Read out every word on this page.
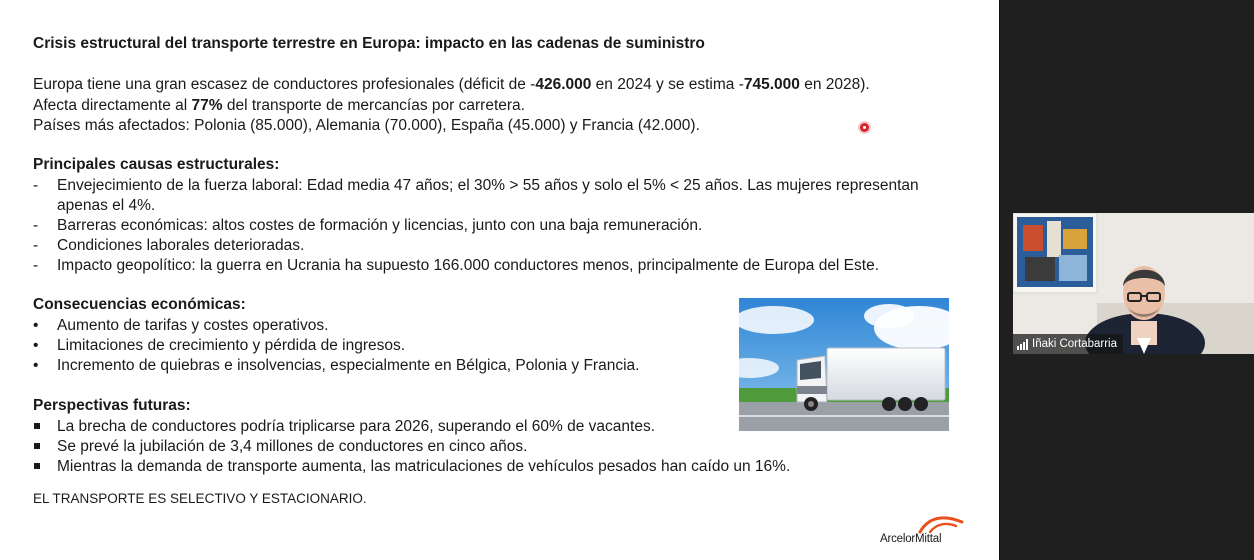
Crisis estructural del transporte terrestre en Europa: impacto en las cadenas de suministro

Europa tiene una gran escasez de conductores profesionales (déficit de -426.000 en 2024 y se estima -745.000 en 2028).

Afecta directamente al 77% del transporte de mercancías por carretera.

Países más afectados: Polonia (85.000), Alemania (70.000), España (45.000) y Francia (42.000).

Principales causas estructurales:
-	Envejecimiento de la fuerza laboral: Edad media 47 años; el 30% > 55 años y solo el 5% < 25 años. Las mujeres representan apenas el 4%.
-	Barreras económicas: altos costes de formación y licencias, junto con una baja remuneración.
-	Condiciones laborales deterioradas.
-	Impacto geopolítico: la guerra en Ucrania ha supuesto 166.000 conductores menos, principalmente de Europa del Este.
Consecuencias económicas:
•	Aumento de tarifas y costes operativos.
•	Limitaciones de crecimiento y pérdida de ingresos.
•	Incremento de quiebras e insolvencias, especialmente en Bélgica, Polonia y Francia.
Perspectivas futuras:
La brecha de conductores podría triplicarse para 2026, superando el 60% de vacantes.
Se prevé la jubilación de 3,4 millones de conductores en cinco años.
Mientras la demanda de transporte aumenta, las matriculaciones de vehículos pesados han caído un 16%.
EL TRANSPORTE ES SELECTIVO Y ESTACIONARIO.
ArcelorMittal
Iñaki Cortabarria
